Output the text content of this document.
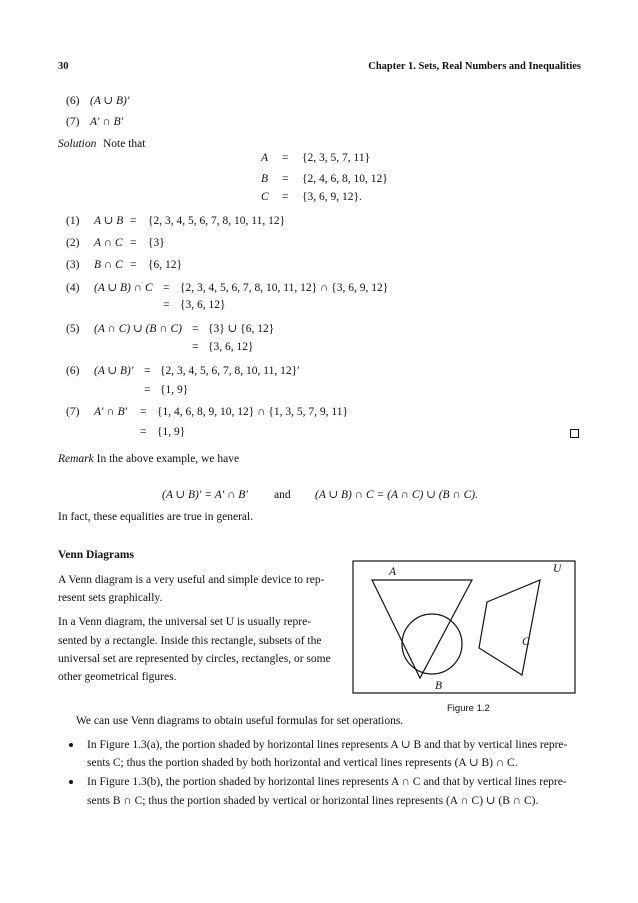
30	Chapter 1. Sets, Real Numbers and Inequalities
(6) (A ∪ B)′
(7) A′ ∩ B′
Solution Note that
A = {2, 3, 5, 7, 11}
B = {2, 4, 6, 8, 10, 12}
C = {3, 6, 9, 12}.
(1) A ∪ B = {2, 3, 4, 5, 6, 7, 8, 10, 11, 12}
(2) A ∩ C = {3}
(3) B ∩ C = {6, 12}
(4) (A ∪ B) ∩ C = {2, 3, 4, 5, 6, 7, 8, 10, 11, 12} ∩ {3, 6, 9, 12}
= {3, 6, 12}
(5) (A ∩ C) ∪ (B ∩ C) = {3} ∪ {6, 12}
= {3, 6, 12}
(6) (A ∪ B)′ = {2, 3, 4, 5, 6, 7, 8, 10, 11, 12}′
= {1, 9}
(7) A′ ∩ B′ = {1, 4, 6, 8, 9, 10, 12} ∩ {1, 3, 5, 7, 9, 11}
= {1, 9}
Remark In the above example, we have
(A ∪ B)′ = A′ ∩ B′ and (A ∪ B) ∩ C = (A ∩ C) ∪ (B ∩ C).
In fact, these equalities are true in general.
Venn Diagrams
A Venn diagram is a very useful and simple device to rep-
resent sets graphically.
In a Venn diagram, the universal set U is usually repre-
sented by a rectangle. Inside this rectangle, subsets of the
universal set are represented by circles, rectangles, or some
other geometrical figures.
A	U
C
B
Figure 1.2
We can use Venn diagrams to obtain useful formulas for set operations.
In Figure 1.3(a), the portion shaded by horizontal lines represents A ∪ B and that by vertical lines repre-
sents C; thus the portion shaded by both horizontal and vertical lines represents (A ∪ B) ∩ C.
In Figure 1.3(b), the portion shaded by horizontal lines represents A ∩ C and that by vertical lines repre-
sents B ∩ C; thus the portion shaded by vertical or horizontal lines represents (A ∩ C) ∪ (B ∩ C).
